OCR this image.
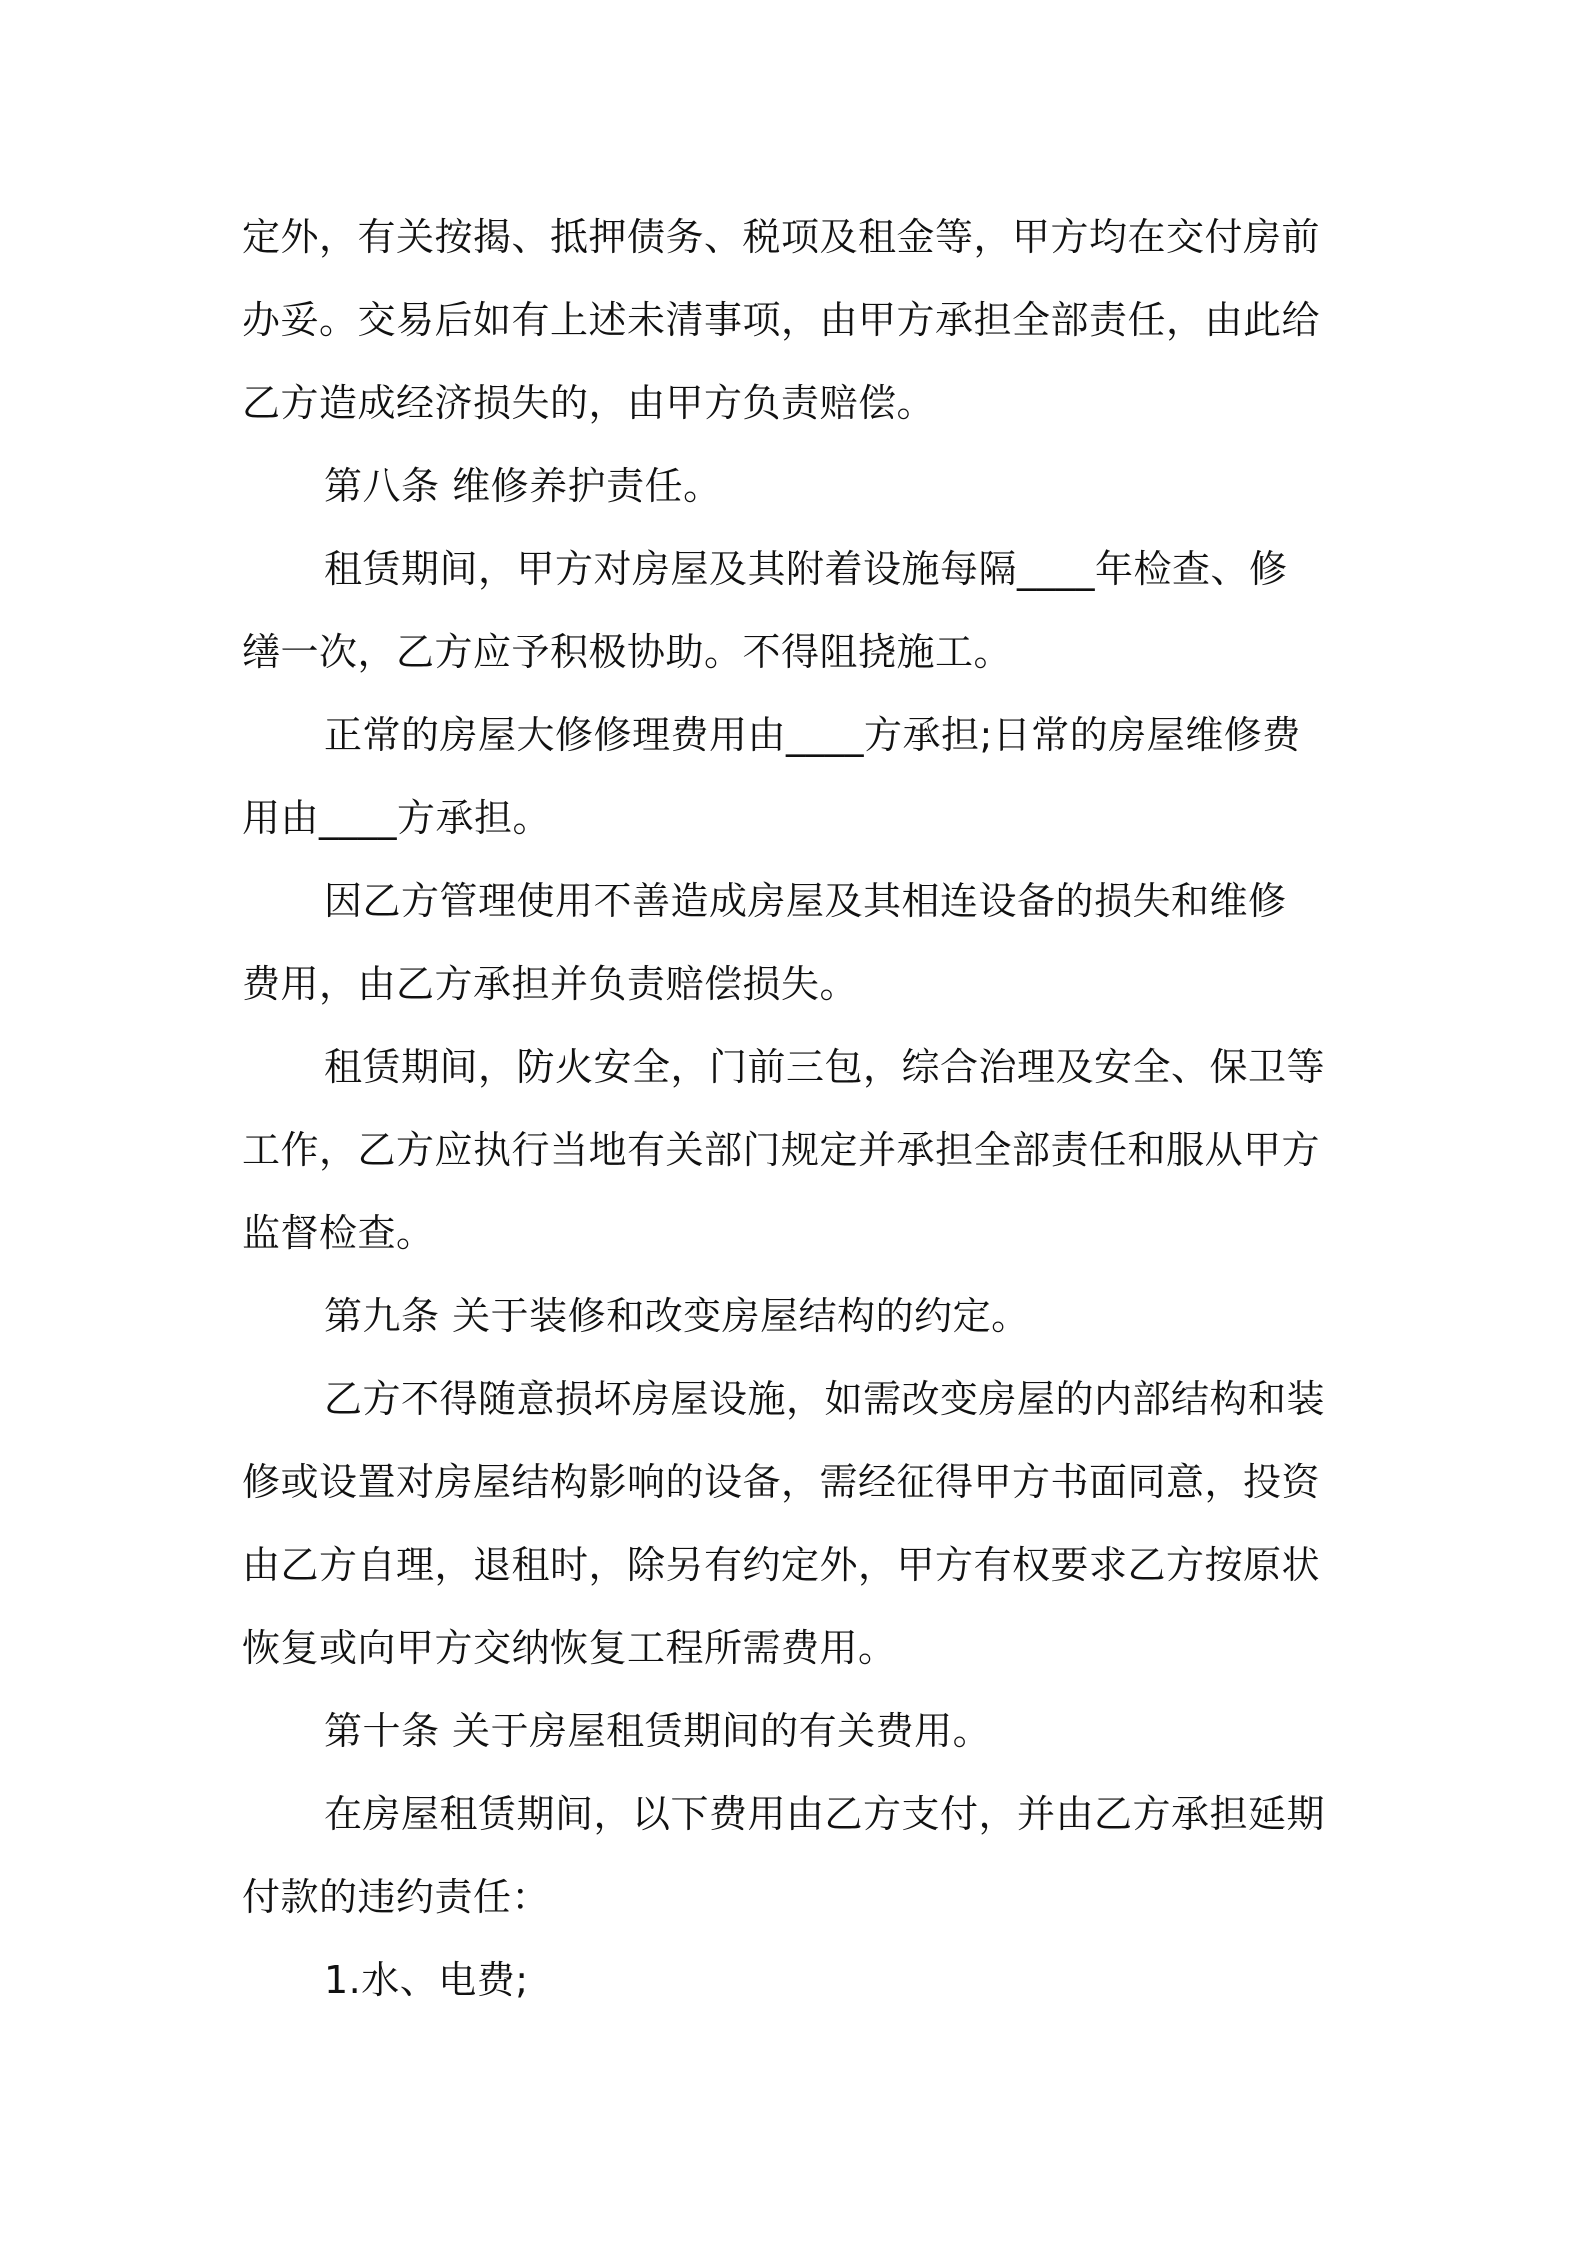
定外，有关按揭、抵押债务、税项及租金等，甲方均在交付房前
办妥。交易后如有上述未清事项，由甲方承担全部责任，由此给
乙方造成经济损失的，由甲方负责赔偿。

第八条 维修养护责任。

租赁期间，甲方对房屋及其附着设施每隔____年检查、修
缮一次，乙方应予积极协助。不得阻挠施工。

正常的房屋大修修理费用由____方承担;日常的房屋维修费
用由____方承担。

因乙方管理使用不善造成房屋及其相连设备的损失和维修
费用，由乙方承担并负责赔偿损失。

租赁期间，防火安全，门前三包，综合治理及安全、保卫等
工作，乙方应执行当地有关部门规定并承担全部责任和服从甲方
监督检查。

第九条 关于装修和改变房屋结构的约定。

乙方不得随意损坏房屋设施，如需改变房屋的内部结构和装
修或设置对房屋结构影响的设备，需经征得甲方书面同意，投资
由乙方自理，退租时，除另有约定外，甲方有权要求乙方按原状
恢复或向甲方交纳恢复工程所需费用。

第十条 关于房屋租赁期间的有关费用。

在房屋租赁期间，以下费用由乙方支付，并由乙方承担延期
付款的违约责任：

1.水、电费;
